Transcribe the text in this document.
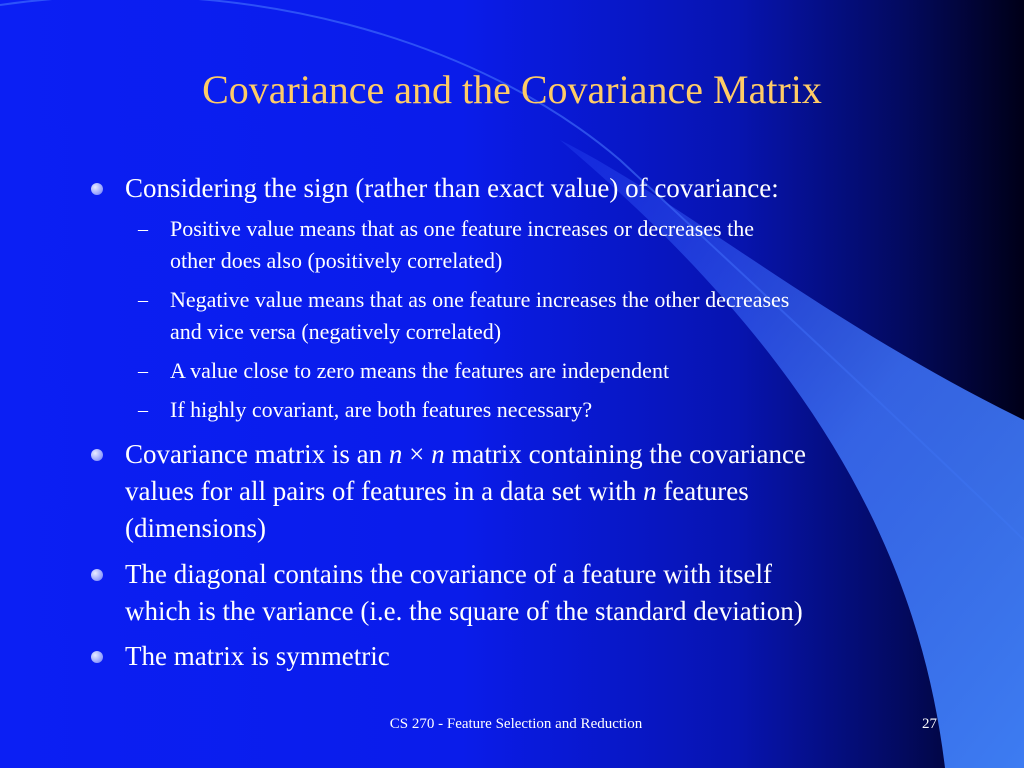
Covariance and the Covariance Matrix
Considering the sign (rather than exact value) of covariance:
– Positive value means that as one feature increases or decreases the
other does also (positively correlated)
– Negative value means that as one feature increases the other decreases
and vice versa (negatively correlated)
– A value close to zero means the features are independent
– If highly covariant, are both features necessary?
Covariance matrix is an n × n matrix containing the covariance
values for all pairs of features in a data set with n features
(dimensions)
The diagonal contains the covariance of a feature with itself
which is the variance (i.e. the square of the standard deviation)
The matrix is symmetric
CS 270 - Feature Selection and Reduction	27
